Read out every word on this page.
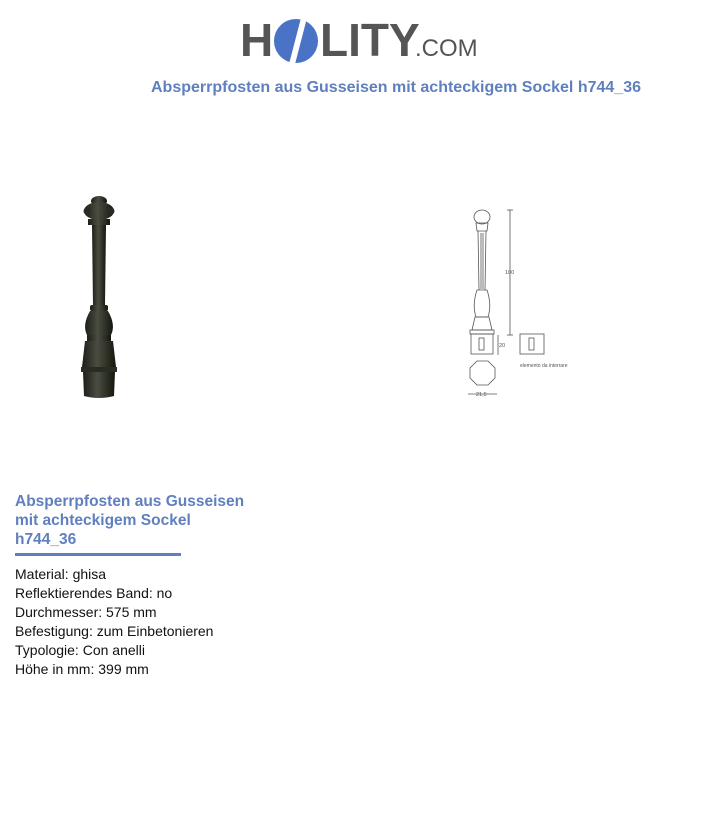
H LITY
.COM
Absperrpfosten aus Gusseisen mit achteckigem Sockel h744_36
100
20
21,5
elemento da interrare
Absperrpfosten aus Gusseisen
mit achteckigem Sockel
h744_36
Material: ghisa
Reflektierendes Band: no
Durchmesser: 575 mm
Befestigung: zum Einbetonieren
Typologie: Con anelli
Höhe in mm: 399 mm
